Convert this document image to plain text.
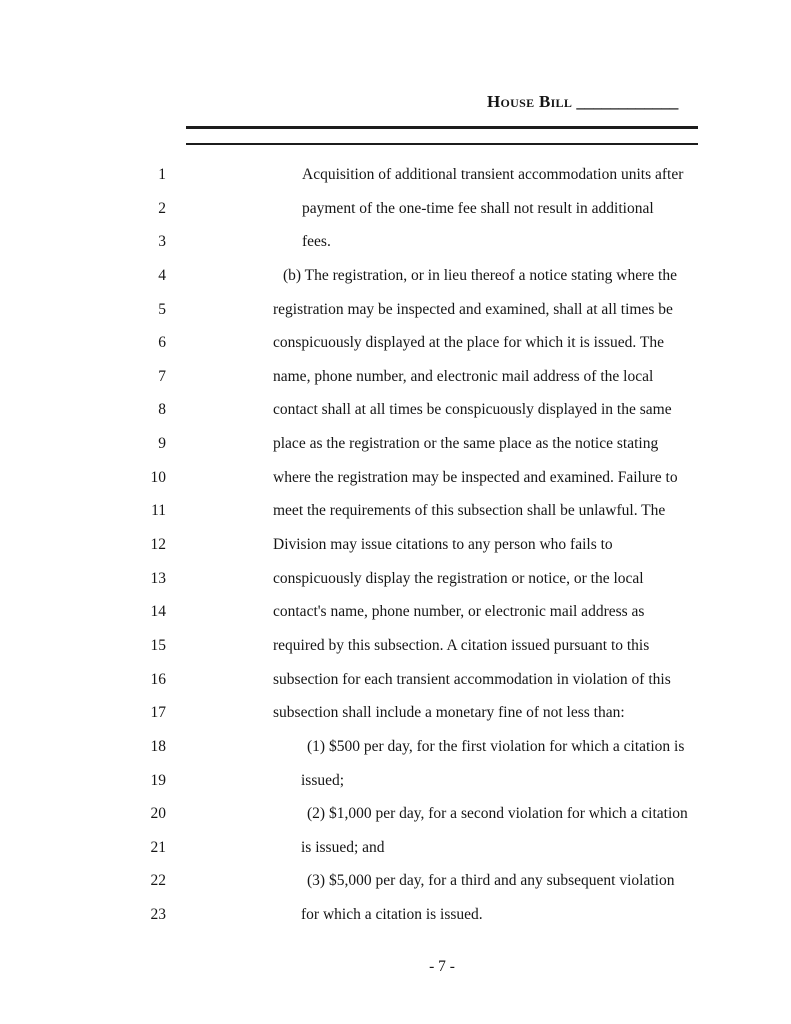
House Bill ____________
1	Acquisition of additional transient accommodation units after
2	payment of the one-time fee shall not result in additional
3	fees.
4	(b) The registration, or in lieu thereof a notice stating where the
5	registration may be inspected and examined, shall at all times be
6	conspicuously displayed at the place for which it is issued. The
7	name, phone number, and electronic mail address of the local
8	contact shall at all times be conspicuously displayed in the same
9	place as the registration or the same place as the notice stating
10	where the registration may be inspected and examined. Failure to
11	meet the requirements of this subsection shall be unlawful. The
12	Division may issue citations to any person who fails to
13	conspicuously display the registration or notice, or the local
14	contact's name, phone number, or electronic mail address as
15	required by this subsection. A citation issued pursuant to this
16	subsection for each transient accommodation in violation of this
17	subsection shall include a monetary fine of not less than:
18	(1) $500 per day, for the first violation for which a citation is
19	issued;
20	(2) $1,000 per day, for a second violation for which a citation
21	is issued; and
22	(3) $5,000 per day, for a third and any subsequent violation
23	for which a citation is issued.
- 7 -
